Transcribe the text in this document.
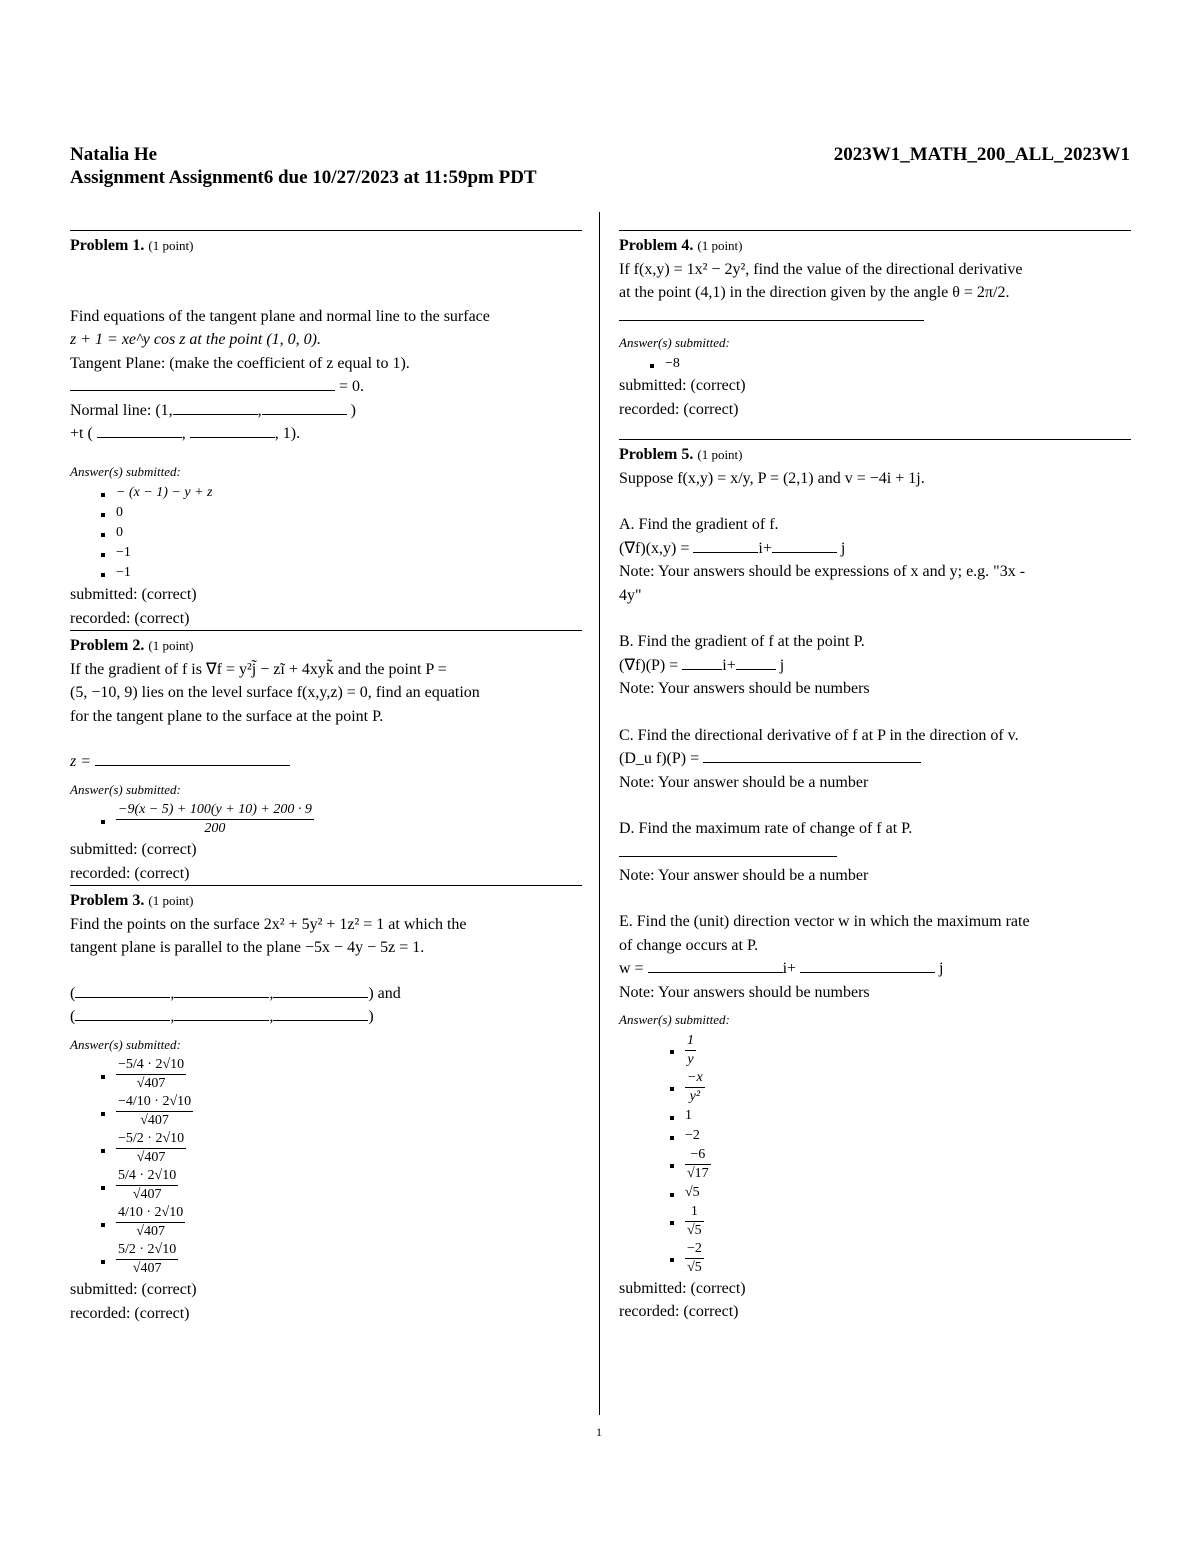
Natalia He	2023W1_MATH_200_ALL_2023W1
Assignment Assignment6 due 10/27/2023 at 11:59pm PDT
Problem 1. (1 point)
Find equations of the tangent plane and normal line to the surface
z + 1 = xe^y cos z at the point (1, 0, 0).
Tangent Plane: (make the coefficient of z equal to 1).
= 0.
Normal line: (1,	,	)
+t (	,	, 1).
Answer(s) submitted:
− (x − 1) − y + z
0
0
−1
−1
submitted: (correct)
recorded: (correct)
Problem 2. (1 point)
If the gradient of f is ∇f = y²j̃ − zĩ + 4xyk̃ and the point P =
(5, −10, 9) lies on the level surface f(x,y,z) = 0, find an equation
for the tangent plane to the surface at the point P.
z =
Answer(s) submitted:
$\frac{-9(x - 5) + 100(y + 10) + 200 \cdot 9}{200}$
submitted: (correct)
recorded: (correct)
Problem 3. (1 point)
Find the points on the surface 2x² + 5y² + 1z² = 1 at which the
tangent plane is parallel to the plane −5x − 4y − 5z = 1.
(	,	,	) and
(	,	,	)
Answer(s) submitted:
$\frac{-5/4 \cdot 2√10}{√407}$
$\frac{-4/10 \cdot 2√10}{√407}$
$\frac{-5/2 \cdot 2√10}{√407}$
$\frac{5/4 \cdot 2√10}{√407}$
$\frac{4/10 \cdot 2√10}{√407}$
$\frac{5/2 \cdot 2√10}{√407}$
submitted: (correct)
recorded: (correct)
Problem 4. (1 point)
If f(x,y) = 1x² − 2y², find the value of the directional derivative
at the point (4,1) in the direction given by the angle θ = 2π/2.
Answer(s) submitted:
−8
submitted: (correct)
recorded: (correct)
Problem 5. (1 point)
Suppose f(x,y) = x/y, P = (2,1) and v = −4i + 1j.
A. Find the gradient of f.
(∇f)(x,y) =	i+	j
Note: Your answers should be expressions of x and y; e.g. "3x -
4y"
B. Find the gradient of f at the point P.
(∇f)(P) =	i+	j
Note: Your answers should be numbers
C. Find the directional derivative of f at P in the direction of v.
(D_u f)(P) =
Note: Your answer should be a number
D. Find the maximum rate of change of f at P.
Note: Your answer should be a number
E. Find the (unit) direction vector w in which the maximum rate
of change occurs at P.
w =	i+	j
Note: Your answers should be numbers
Answer(s) submitted:
$\frac{1}{y}$
$\frac{-x}{\text{y²}}$
1
−2
$\frac{-6}{√17}$
√5
$\frac{1}{√5}$
$\frac{-2}{√5}$
submitted: (correct)
recorded: (correct)
1
